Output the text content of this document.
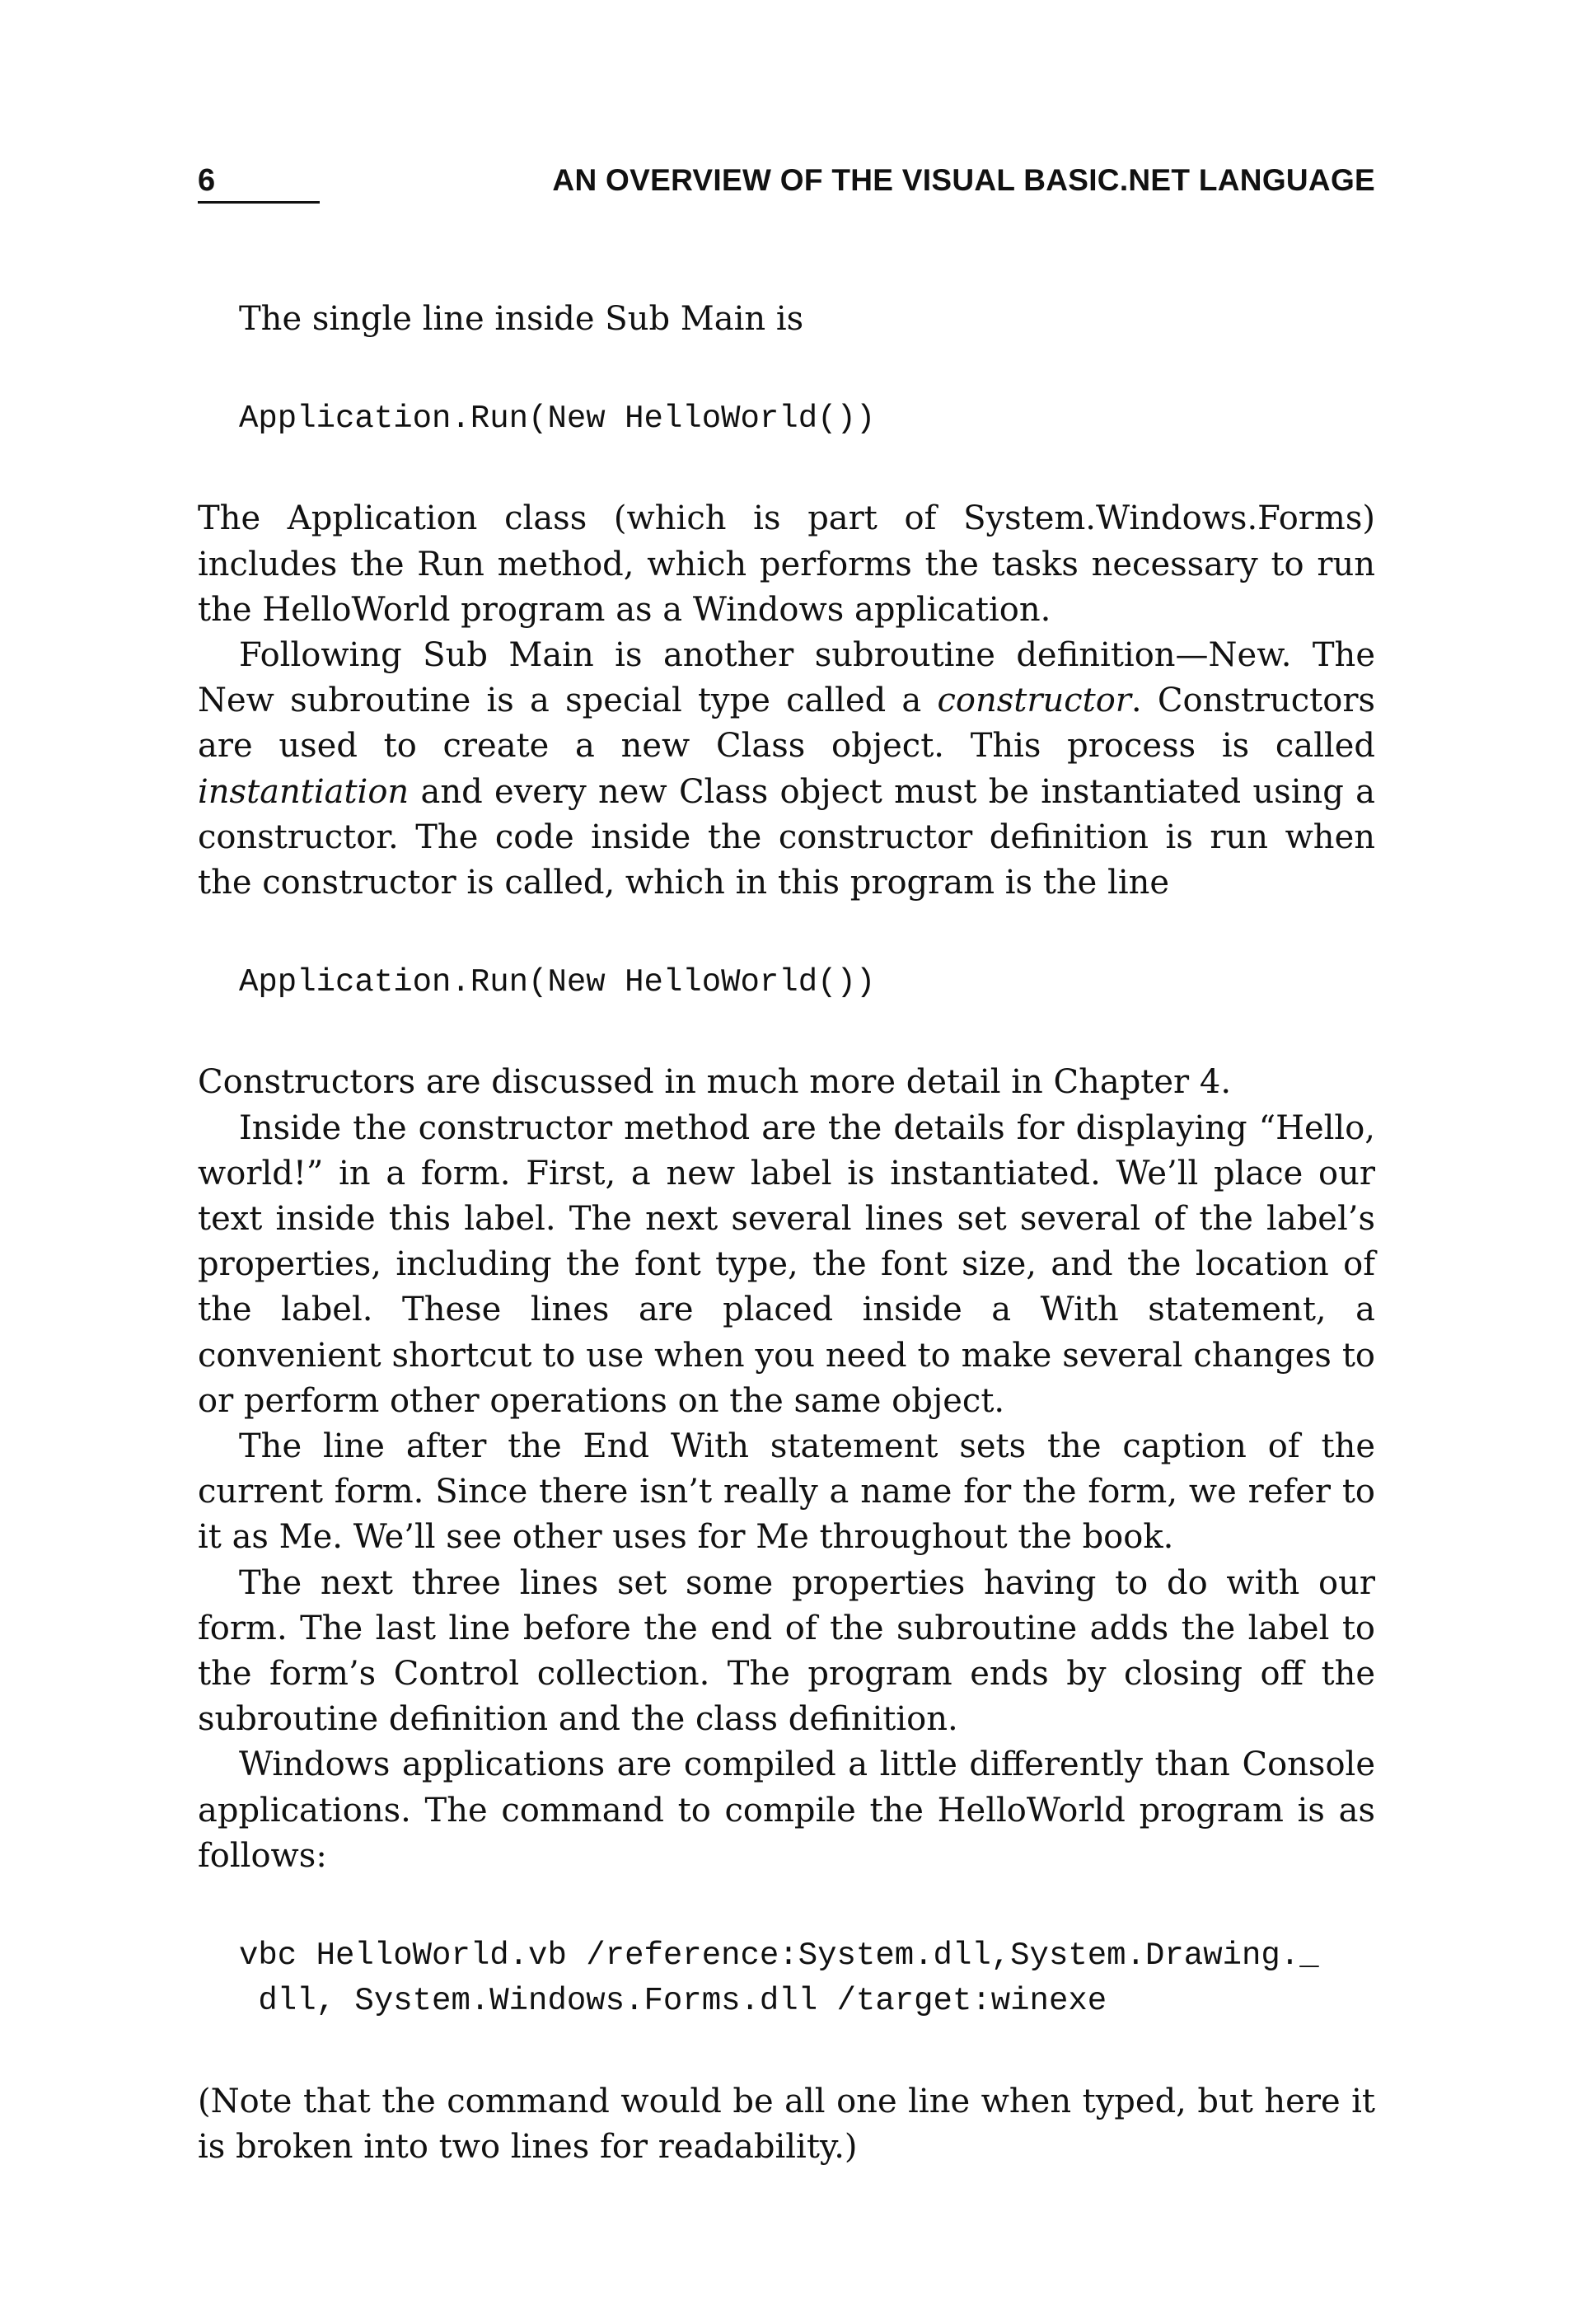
6	AN OVERVIEW OF THE VISUAL BASIC.NET LANGUAGE

The single line inside Sub Main is

Application.Run(New HelloWorld())

The Application class (which is part of System.Windows.Forms) includes the Run method, which performs the tasks necessary to run the HelloWorld program as a Windows application.

Following Sub Main is another subroutine definition—New. The New subroutine is a special type called a constructor. Constructors are used to create a new Class object. This process is called instantiation and every new Class object must be instantiated using a constructor. The code inside the constructor definition is run when the constructor is called, which in this program is the line

Application.Run(New HelloWorld())

Constructors are discussed in much more detail in Chapter 4.

Inside the constructor method are the details for displaying “Hello, world!” in a form. First, a new label is instantiated. We’ll place our text inside this label. The next several lines set several of the label’s properties, including the font type, the font size, and the location of the label. These lines are placed inside a With statement, a convenient shortcut to use when you need to make several changes to or perform other operations on the same object.

The line after the End With statement sets the caption of the current form. Since there isn’t really a name for the form, we refer to it as Me. We’ll see other uses for Me throughout the book.

The next three lines set some properties having to do with our form. The last line before the end of the subroutine adds the label to the form’s Control collection. The program ends by closing off the subroutine definition and the class definition.

Windows applications are compiled a little differently than Console applications. The command to compile the HelloWorld program is as follows:

vbc HelloWorld.vb /reference:System.dll,System.Drawing._
dll, System.Windows.Forms.dll /target:winexe

(Note that the command would be all one line when typed, but here it is broken into two lines for readability.)
